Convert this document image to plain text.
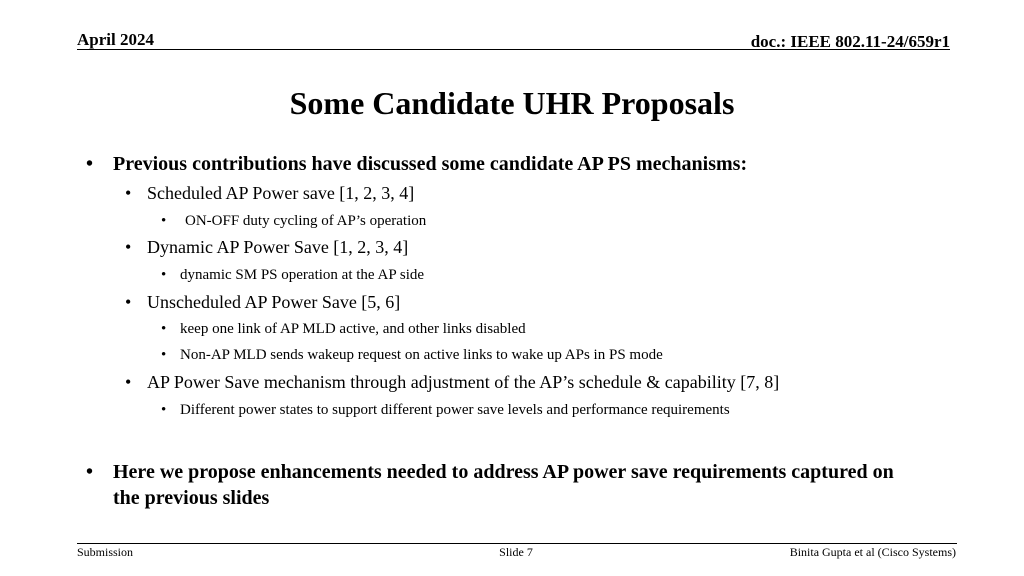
April 2024	doc.: IEEE 802.11-24/659r1
Some Candidate UHR Proposals
• Previous contributions have discussed some candidate AP PS mechanisms:
• Scheduled AP Power save [1, 2, 3, 4]
• ON-OFF duty cycling of AP’s operation
• Dynamic AP Power Save [1, 2, 3, 4]
• dynamic SM PS operation at the AP side
• Unscheduled AP Power Save [5, 6]
• keep one link of AP MLD active, and other links disabled
• Non-AP MLD sends wakeup request on active links to wake up APs in PS mode
• AP Power Save mechanism through adjustment of the AP’s schedule & capability [7, 8]
• Different power states to support different power save levels and performance requirements
• Here we propose enhancements needed to address AP power save requirements captured on
the previous slides
Submission	Slide 7	Binita Gupta et al (Cisco Systems)
